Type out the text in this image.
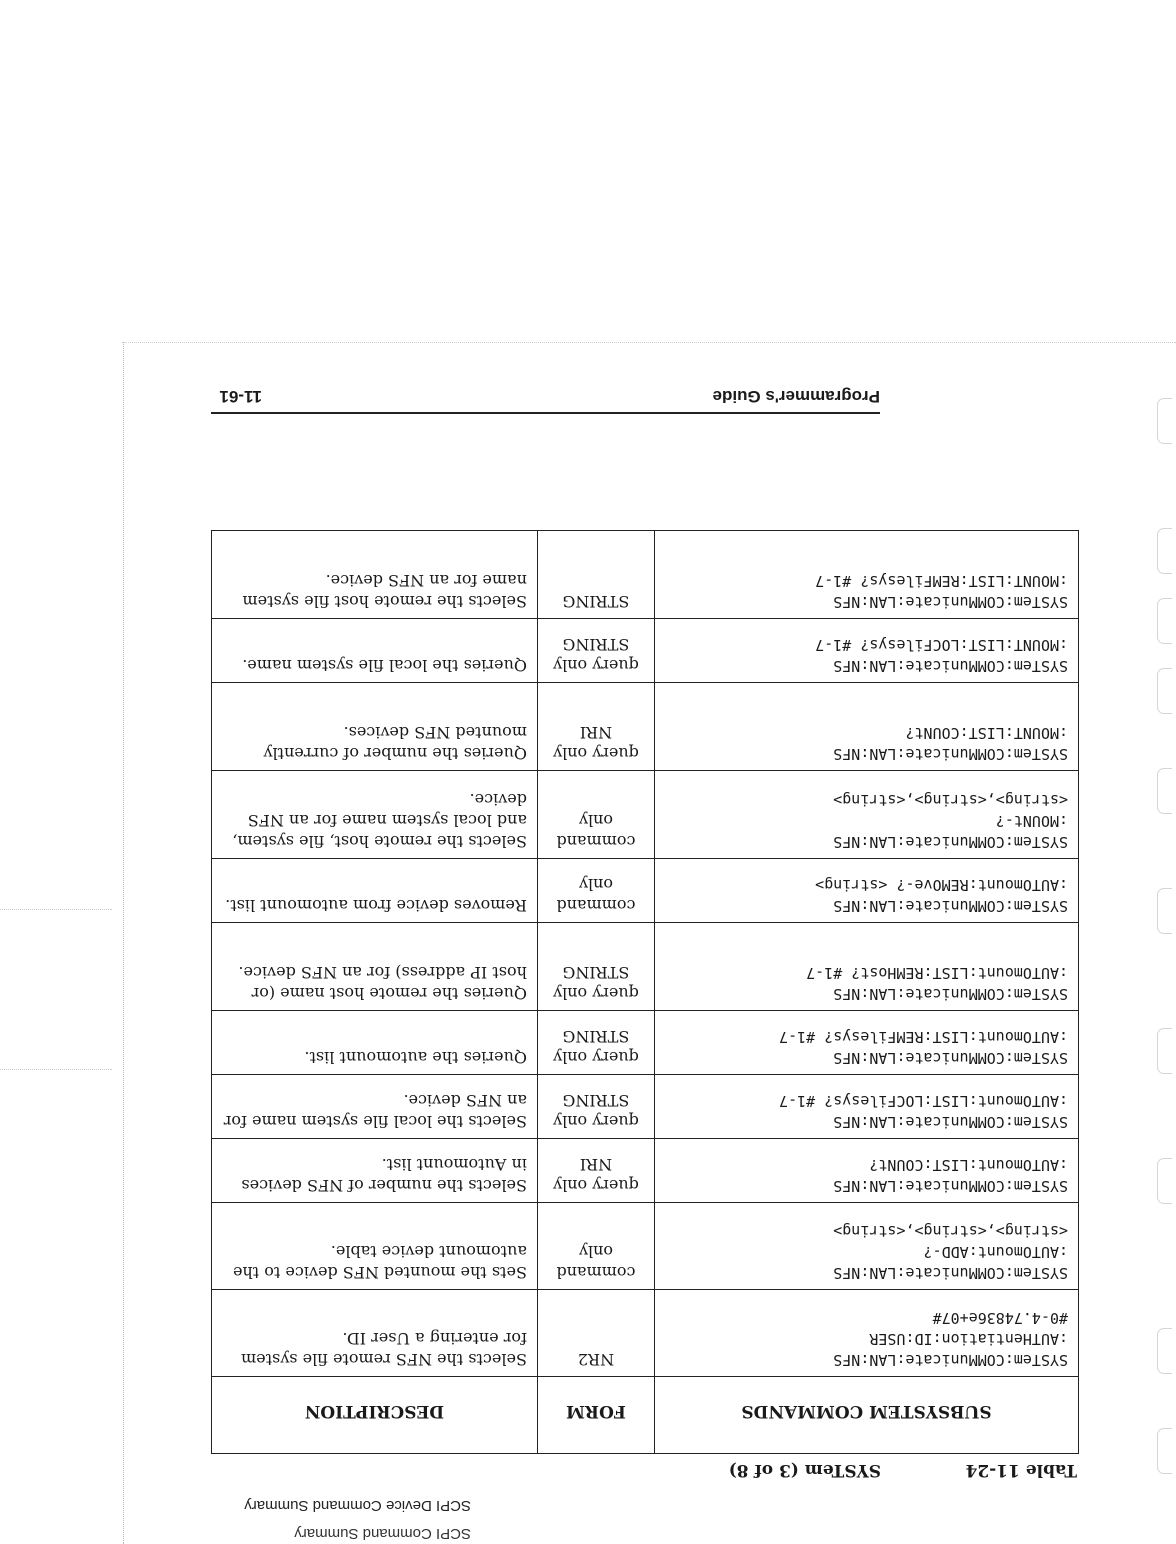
SCPI Command Summary
SCPI Device Command Summary
Table 11-24
SYSTem (3 of 8)
SUBSYSTEM COMMANDS	FORM	DESCRIPTION

SYSTem:COMMunicate:LAN:NFS
:AUTHentiation:ID:USER
#0-4.74836e+07#	NR2	Selects the NFS remote file system for entering a User ID.

SYSTem:COMMunicate:LAN:NFS
:AUTOmount:ADD-?
<string>,<string>,<string>	command only	Sets the mounted NFS device to the automount device table.

SYSTem:COMMunicate:LAN:NFS
:AUTOmount:LIST:COUNt?	query only NRI	Selects the number of NFS devices in Automount list.

SYSTem:COMMunicate:LAN:NFS
:AUTOmount:LIST:LOCFilesys? #1-7	query only STRING	Selects the local file system name for an NFS device.

SYSTem:COMMunicate:LAN:NFS
:AUTOmount:LIST:REMFilesys? #1-7	query only STRING	Queries the automount list.

SYSTem:COMMunicate:LAN:NFS
:AUTOmount:LIST:REMHost? #1-7	query only STRING	Queries the remote host name (or host IP address) for an NFS device.

SYSTem:COMMunicate:LAN:NFS
:AUTOmount:REMOve-? <string>	command only	Removes device from automount list.

SYSTem:COMMunicate:LAN:NFS
:MOUNt-?
<string>,<string>,<string>	command only	Selects the remote host, file system, and local system name for an NFS device.

SYSTem:COMMunicate:LAN:NFS
:MOUNT:LIST:COUNt?	query only NRI	Queries the number of currently mounted NFS devices.

SYSTem:COMMunicate:LAN:NFS
:MOUNT:LIST:LOCFilesys? #1-7	query only STRING	Queries the local file system name.

SYSTem:COMMunicate:LAN:NFS
:MOUNT:LIST:REMFilesys? #1-7	STRING	Selects the remote host file system name for an NFS device.
Programmer's Guide
11-61
